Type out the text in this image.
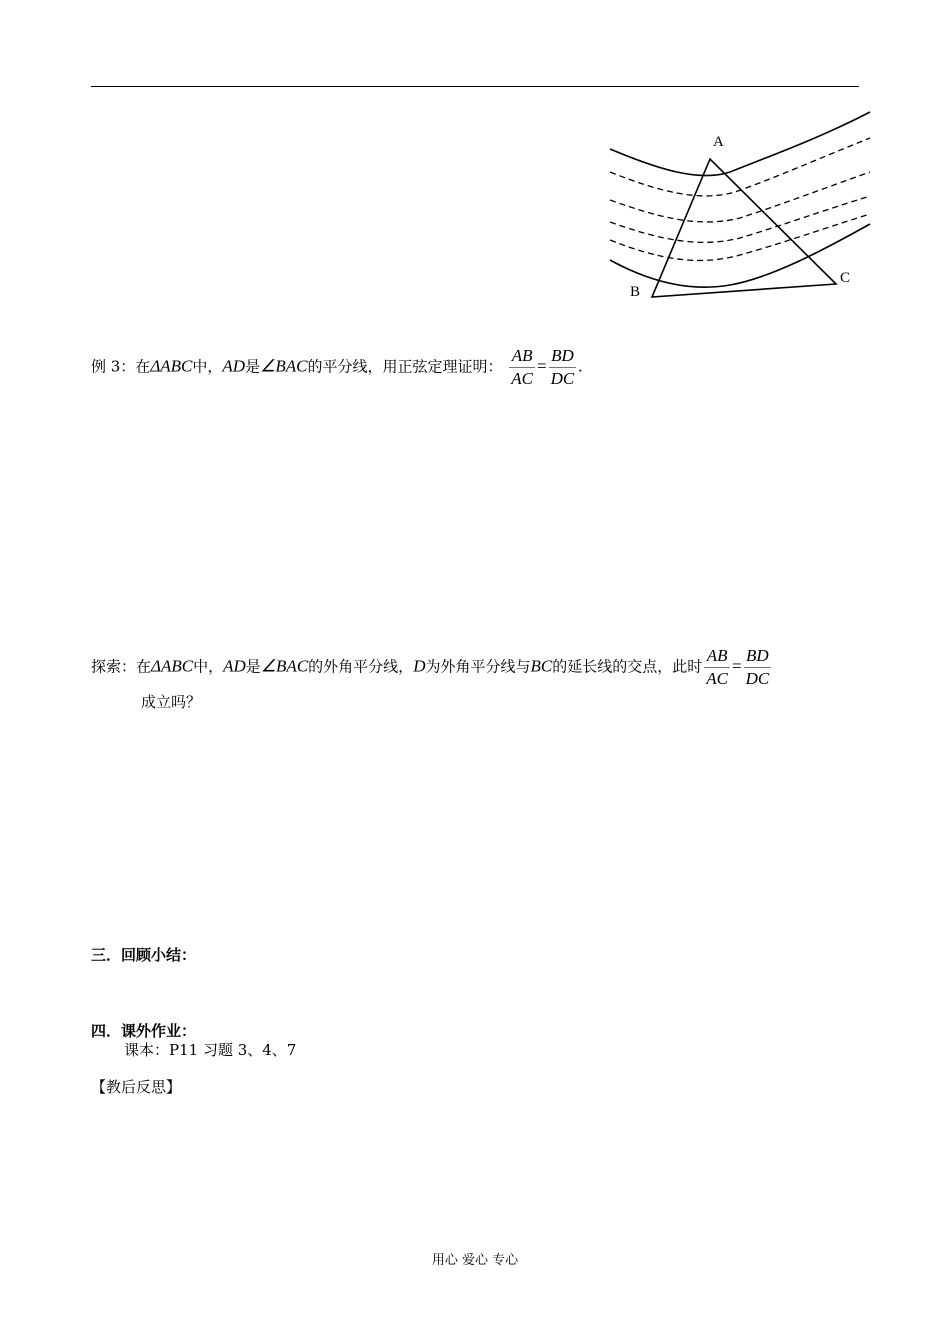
A
B
C
例 3：在ΔABC中，AD是∠BAC的平分线，用正弦定理证明： $\frac{AB}{AC} = \frac{BD}{DC}$ .
探索：在ΔABC中，AD是∠BAC的外角平分线，D为外角平分线与BC的延长线的交点，此时 $\frac{AB}{AC} = \frac{BD}{DC}$
成立吗？
三．回顾小结：
四．课外作业：
课本：P11 习题 3、4、7
【教后反思】
用心 爱心 专心
